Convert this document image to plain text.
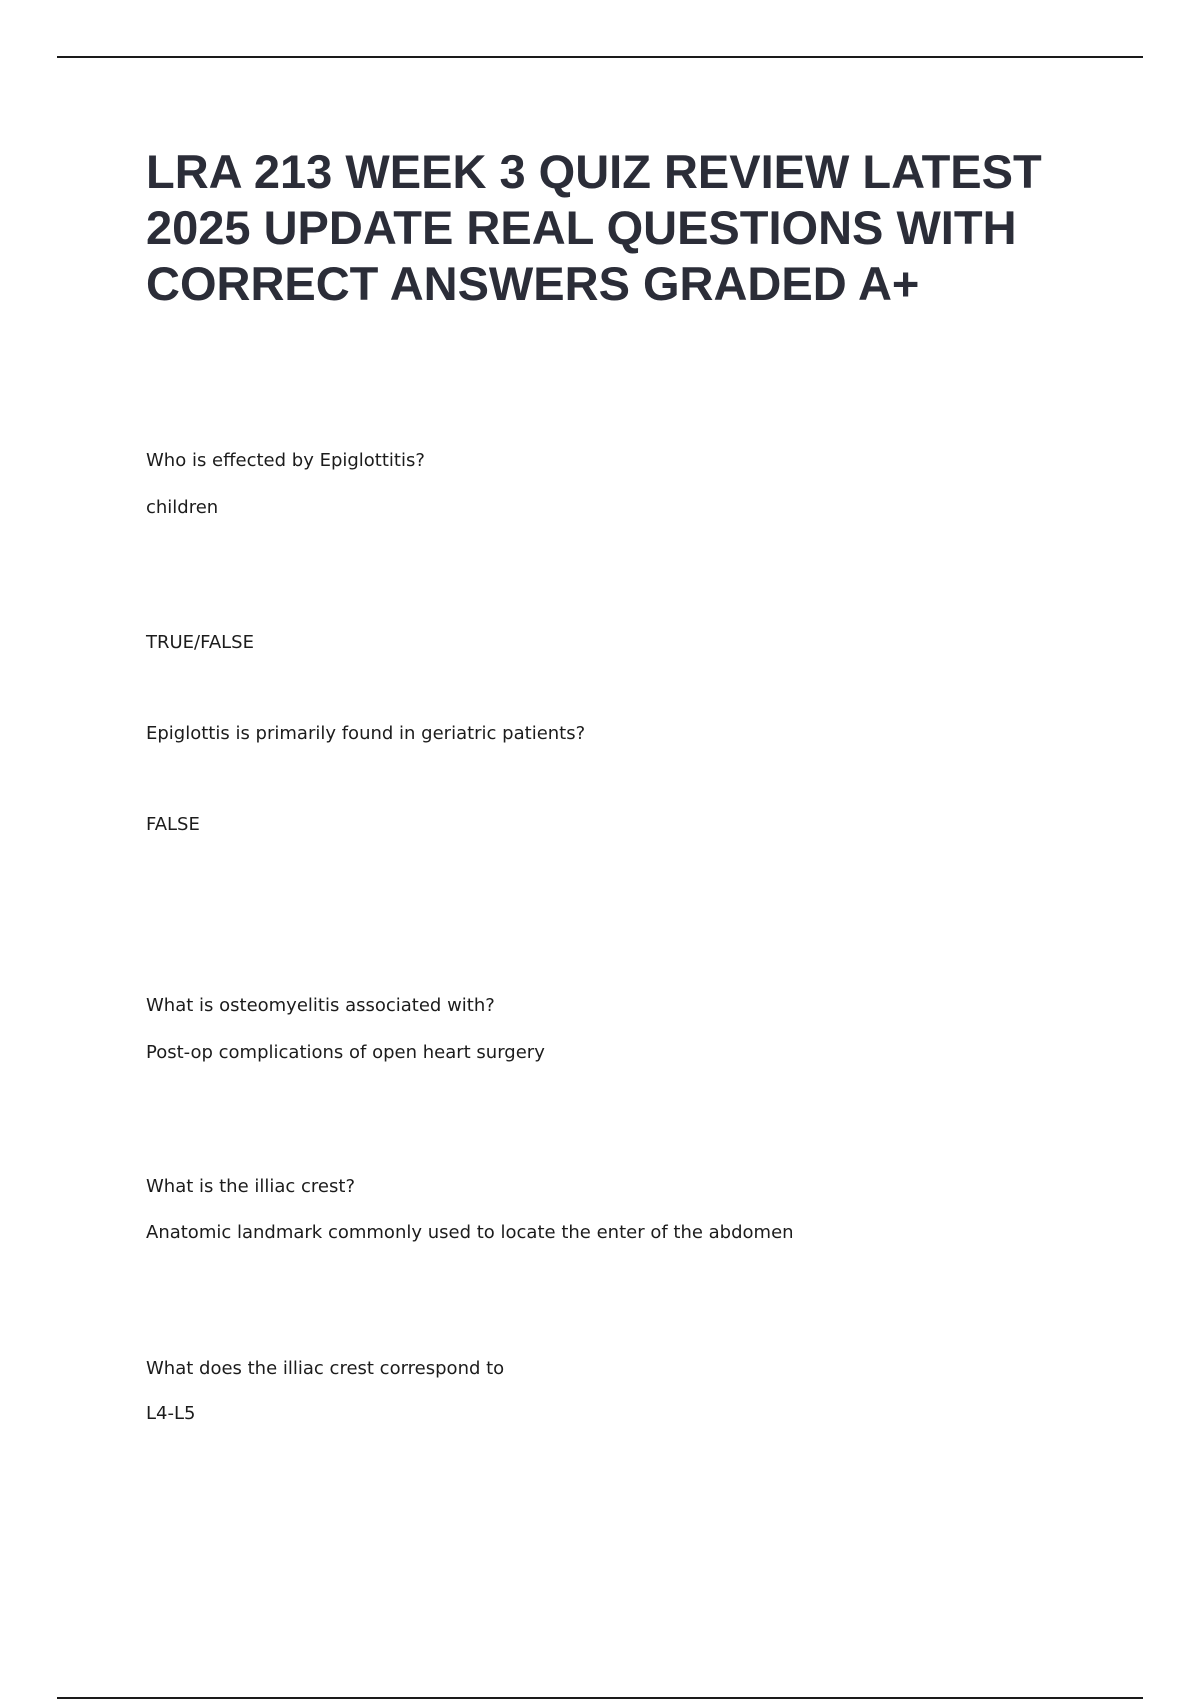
LRA 213 WEEK 3 QUIZ REVIEW LATEST 2025 UPDATE REAL QUESTIONS WITH CORRECT ANSWERS GRADED A+

Who is effected by Epiglottitis?

children

TRUE/FALSE

Epiglottis is primarily found in geriatric patients?

FALSE

What is osteomyelitis associated with?

Post-op complications of open heart surgery

What is the illiac crest?

Anatomic landmark commonly used to locate the enter of the abdomen

What does the illiac crest correspond to

L4-L5
